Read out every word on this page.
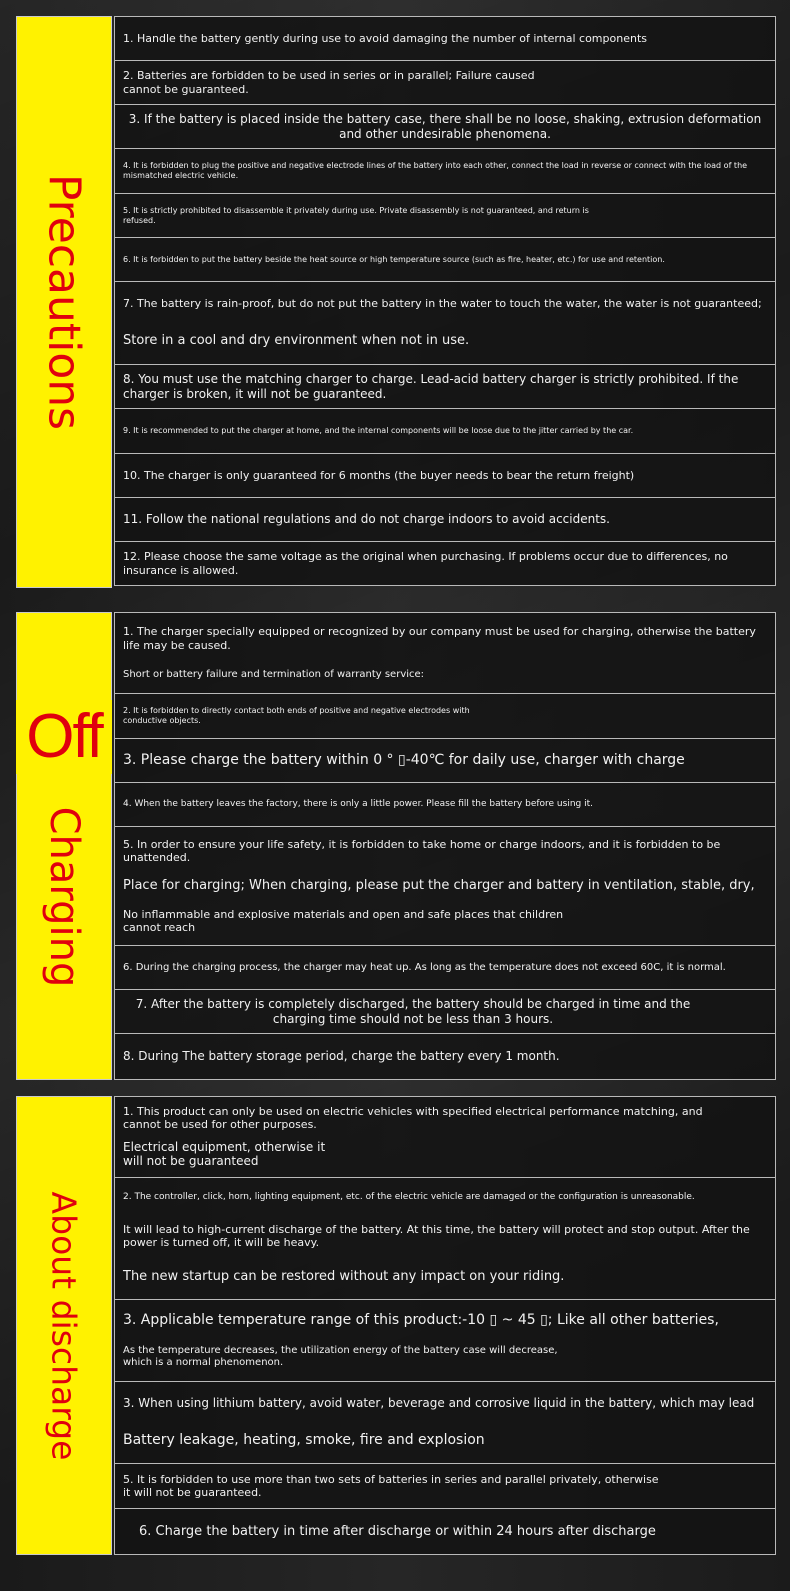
Precautions
1. Handle the battery gently during use to avoid damaging the number of internal components
2. Batteries are forbidden to be used in series or in parallel; Failure caused cannot be guaranteed.
3. If the battery is placed inside the battery case, there shall be no loose, shaking, extrusion deformation and other undesirable phenomena.
4. It is forbidden to plug the positive and negative electrode lines of the battery into each other, connect the load in reverse or connect with the load of the mismatched electric vehicle.
5. It is strictly prohibited to disassemble it privately during use. Private disassembly is not guaranteed, and return is refused.
6. It is forbidden to put the battery beside the heat source or high temperature source (such as fire, heater, etc.) for use and retention.
7. The battery is rain-proof, but do not put the battery in the water to touch the water, the water is not guaranteed;
Store in a cool and dry environment when not in use.
8. You must use the matching charger to charge. Lead-acid battery charger is strictly prohibited. If the charger is broken, it will not be guaranteed.
9. It is recommended to put the charger at home, and the internal components will be loose due to the jitter carried by the car.
10. The charger is only guaranteed for 6 months (the buyer needs to bear the return freight)
11. Follow the national regulations and do not charge indoors to avoid accidents.
12. Please choose the same voltage as the original when purchasing. If problems occur due to differences, no insurance is allowed.
Charging
Off
1. The charger specially equipped or recognized by our company must be used for charging, otherwise the battery life may be caused.
Short or battery failure and termination of warranty service:
2. It is forbidden to directly contact both ends of positive and negative electrodes with conductive objects.
3. Please charge the battery within 0 ° ▯-40℃ for daily use, charger with charge
4. When the battery leaves the factory, there is only a little power. Please fill the battery before using it.
5. In order to ensure your life safety, it is forbidden to take home or charge indoors, and it is forbidden to be unattended.
Place for charging; When charging, please put the charger and battery in ventilation, stable, dry,
No inflammable and explosive materials and open and safe places that children cannot reach
6. During the charging process, the charger may heat up. As long as the temperature does not exceed 60C, it is normal.
7. After the battery is completely discharged, the battery should be charged in time and the charging time should not be less than 3 hours.
8. During The battery storage period, charge the battery every 1 month.
About discharge
1. This product can only be used on electric vehicles with specified electrical performance matching, and cannot be used for other purposes.
Electrical equipment, otherwise it will not be guaranteed
2. The controller, click, horn, lighting equipment, etc. of the electric vehicle are damaged or the configuration is unreasonable.
It will lead to high-current discharge of the battery. At this time, the battery will protect and stop output. After the power is turned off, it will be heavy.
The new startup can be restored without any impact on your riding.
3. Applicable temperature range of this product:-10 ▯ ~ 45 ▯; Like all other batteries,
As the temperature decreases, the utilization energy of the battery case will decrease, which is a normal phenomenon.
3. When using lithium battery, avoid water, beverage and corrosive liquid in the battery, which may lead
Battery leakage, heating, smoke, fire and explosion
5. It is forbidden to use more than two sets of batteries in series and parallel privately, otherwise it will not be guaranteed.
6. Charge the battery in time after discharge or within 24 hours after discharge
